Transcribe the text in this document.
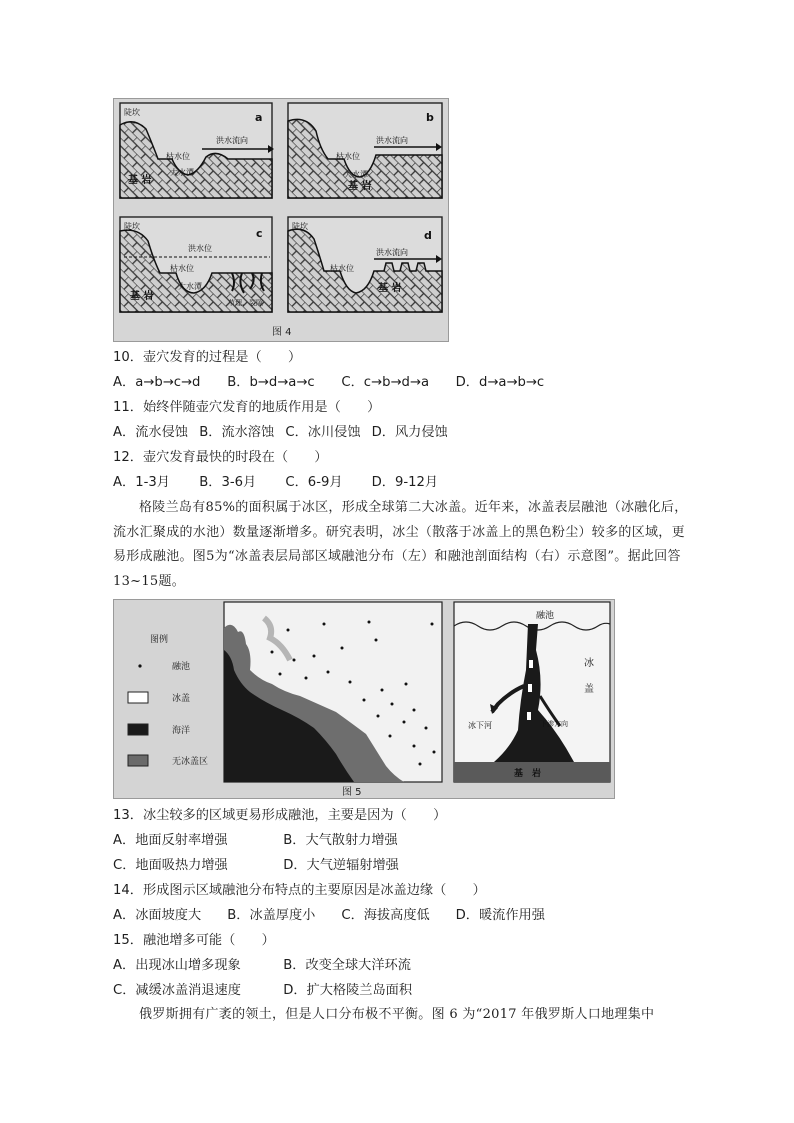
a
陡坎
洪水流向
枯水位
大水潭
基 岩
b
洪水流向
枯水位
大水潭
基 岩
c
陡坎
洪水位
枯水位
大水潭
基 岩
节理、裂隙
d
陡坎
洪水流向
枯水位
基 岩
图 4
10．壶穴发育的过程是（　　）
A．a→b→c→d B．b→d→a→c C．c→b→d→a D．d→a→b→c
11．始终伴随壶穴发育的地质作用是（　　）
A．流水侵蚀 B．流水溶蚀 C．冰川侵蚀 D．风力侵蚀
12．壶穴发育最快的时段在（　　）
A．1-3月 B．3-6月 C．6-9月 D．9-12月
格陵兰岛有85%的面积属于冰区，形成全球第二大冰盖。近年来，冰盖表层融池（冰融化后，流水汇聚成的水池）数量逐渐增多。研究表明，冰尘（散落于冰盖上的黑色粉尘）较多的区域，更易形成融池。图5为“冰盖表层局部区域融池分布（左）和融池剖面结构（右）示意图”。据此回答13~15题。
图例
融池
冰盖
海洋
无冰盖区
融池
冰
盖
冰下河	下渗方向
基　岩
图 5
13．冰尘较多的区域更易形成融池，主要是因为（　　）
A．地面反射率增强	B．大气散射力增强
C．地面吸热力增强	D．大气逆辐射增强
14．形成图示区域融池分布特点的主要原因是冰盖边缘（　　）
A．冰面坡度大 B．冰盖厚度小 C．海拔高度低 D．暖流作用强
15．融池增多可能（　　）
A．出现冰山增多现象	B．改变全球大洋环流
C．减缓冰盖消退速度	D．扩大格陵兰岛面积
俄罗斯拥有广袤的领土，但是人口分布极不平衡。图 6 为“2017 年俄罗斯人口地理集中
